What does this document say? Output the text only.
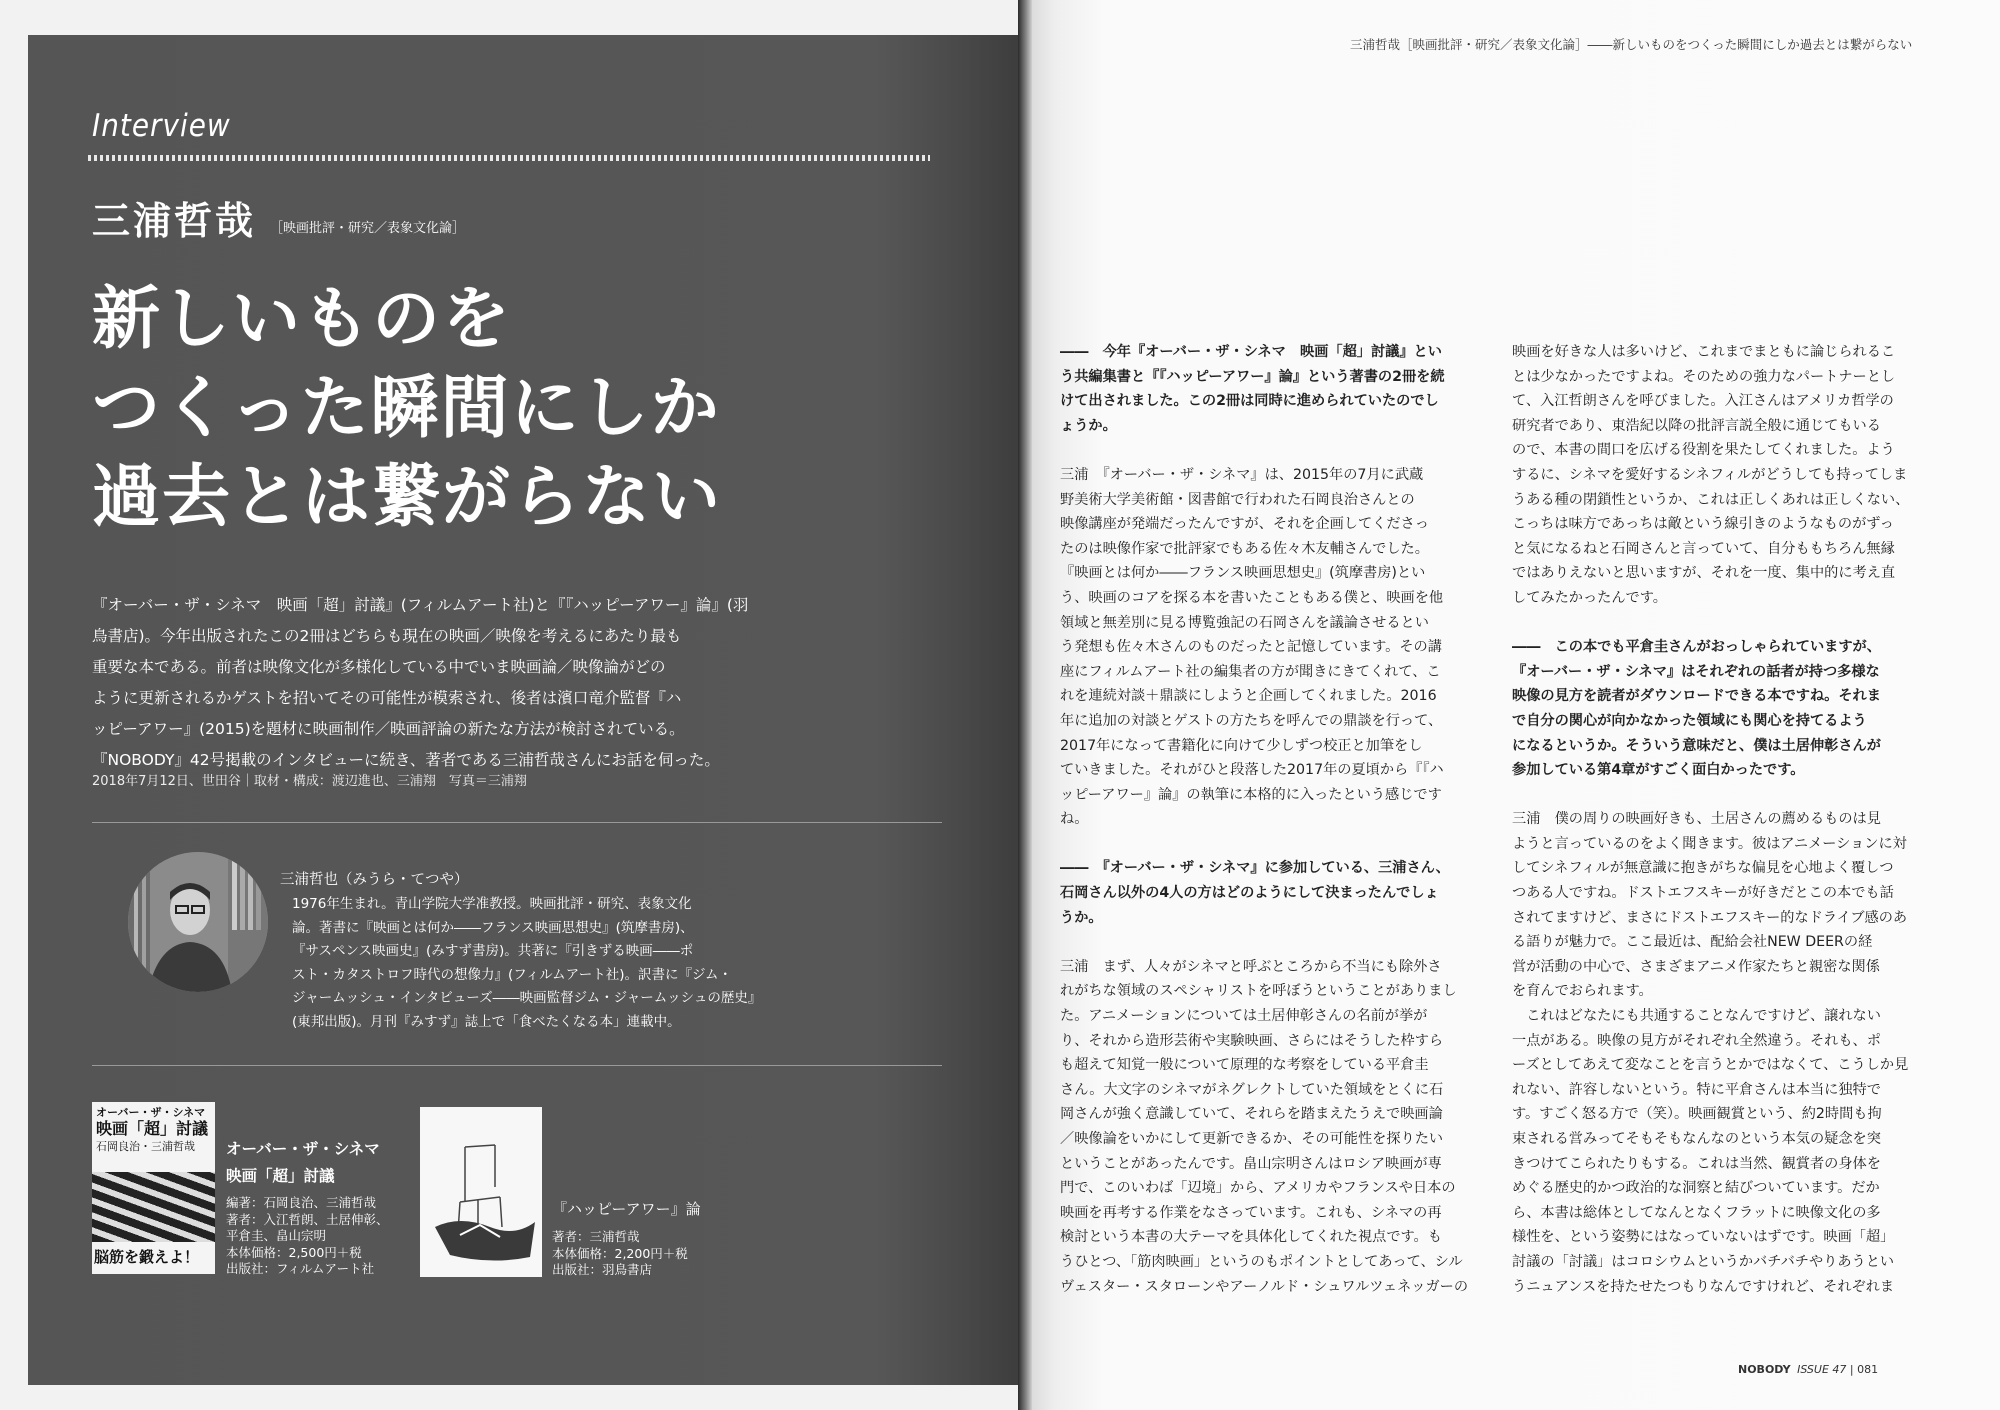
Interview
三浦哲哉 ［映画批評・研究／表象文化論］
新しいものを
つくった瞬間にしか
過去とは繋がらない
『オーバー・ザ・シネマ　映画「超」討議』(フィルムアート社)と『『ハッピーアワー』論』(羽
鳥書店)。今年出版されたこの2冊はどちらも現在の映画／映像を考えるにあたり最も
重要な本である。前者は映像文化が多様化している中でいま映画論／映像論がどの
ように更新されるかゲストを招いてその可能性が模索され、後者は濱口竜介監督『ハ
ッピーアワー』(2015)を題材に映画制作／映画評論の新たな方法が検討されている。
『NOBODY』42号掲載のインタビューに続き、著者である三浦哲哉さんにお話を伺った。
2018年7月12日、世田谷｜取材・構成：渡辺進也、三浦翔　写真＝三浦翔
三浦哲也（みうら・てつや）
1976年生まれ。青山学院大学准教授。映画批評・研究、表象文化
論。著書に『映画とは何か――フランス映画思想史』(筑摩書房)、
『サスペンス映画史』(みすず書房)。共著に『引きずる映画――ポ
スト・カタストロフ時代の想像力』(フィルムアート社)。訳書に『ジム・
ジャームッシュ・インタビューズ――映画監督ジム・ジャームッシュの歴史』
(東邦出版)。月刊『みすず』誌上で「食べたくなる本」連載中。
オーバー・ザ・シネマ
映画「超」討議
石岡良治・三浦哲哉
脳筋を鍛えよ！
オーバー・ザ・シネマ
映画「超」討議
編著：石岡良治、三浦哲哉
著者：入江哲朗、土居伸彰、
平倉圭、畠山宗明
本体価格：2,500円＋税
出版社：フィルムアート社
『ハッピーアワー』論
著者：三浦哲哉
本体価格：2,200円＋税
出版社：羽鳥書店
三浦哲哉［映画批評・研究／表象文化論］――新しいものをつくった瞬間にしか過去とは繋がらない
――　今年『オーバー・ザ・シネマ　映画「超」討議』とい
う共編集書と『『ハッピーアワー』論』という著書の2冊を続
けて出されました。この2冊は同時に進められていたのでし
ょうか。
三浦　『オーバー・ザ・シネマ』は、2015年の7月に武蔵
野美術大学美術館・図書館で行われた石岡良治さんとの
映像講座が発端だったんですが、それを企画してくださっ
たのは映像作家で批評家でもある佐々木友輔さんでした。
『映画とは何か――フランス映画思想史』(筑摩書房)とい
う、映画のコアを探る本を書いたこともある僕と、映画を他
領域と無差別に見る博覧強記の石岡さんを議論させるとい
う発想も佐々木さんのものだったと記憶しています。その講
座にフィルムアート社の編集者の方が聞きにきてくれて、こ
れを連続対談＋鼎談にしようと企画してくれました。2016
年に追加の対談とゲストの方たちを呼んでの鼎談を行って、
2017年になって書籍化に向けて少しずつ校正と加筆をし
ていきました。それがひと段落した2017年の夏頃から『『ハ
ッピーアワー』論』の執筆に本格的に入ったという感じです
ね。
――　『オーバー・ザ・シネマ』に参加している、三浦さん、
石岡さん以外の4人の方はどのようにして決まったんでしょ
うか。
三浦　まず、人々がシネマと呼ぶところから不当にも除外さ
れがちな領域のスペシャリストを呼ぼうということがありまし
た。アニメーションについては土居伸彰さんの名前が挙が
り、それから造形芸術や実験映画、さらにはそうした枠すら
も超えて知覚一般について原理的な考察をしている平倉圭
さん。大文字のシネマがネグレクトしていた領域をとくに石
岡さんが強く意識していて、それらを踏まえたうえで映画論
／映像論をいかにして更新できるか、その可能性を探りたい
ということがあったんです。畠山宗明さんはロシア映画が専
門で、このいわば「辺境」から、アメリカやフランスや日本の
映画を再考する作業をなさっています。これも、シネマの再
検討という本書の大テーマを具体化してくれた視点です。も
うひとつ、「筋肉映画」というのもポイントとしてあって、シル
ヴェスター・スタローンやアーノルド・シュワルツェネッガーの
映画を好きな人は多いけど、これまでまともに論じられるこ
とは少なかったですよね。そのための強力なパートナーとし
て、入江哲朗さんを呼びました。入江さんはアメリカ哲学の
研究者であり、東浩紀以降の批評言説全般に通じてもいる
ので、本書の間口を広げる役割を果たしてくれました。よう
するに、シネマを愛好するシネフィルがどうしても持ってしま
うある種の閉鎖性というか、これは正しくあれは正しくない、
こっちは味方であっちは敵という線引きのようなものがずっ
と気になるねと石岡さんと言っていて、自分ももちろん無縁
ではありえないと思いますが、それを一度、集中的に考え直
してみたかったんです。
――　この本でも平倉圭さんがおっしゃられていますが、
『オーバー・ザ・シネマ』はそれぞれの話者が持つ多様な
映像の見方を読者がダウンロードできる本ですね。それま
で自分の関心が向かなかった領域にも関心を持てるよう
になるというか。そういう意味だと、僕は土居伸彰さんが
参加している第4章がすごく面白かったです。
三浦　僕の周りの映画好きも、土居さんの薦めるものは見
ようと言っているのをよく聞きます。彼はアニメーションに対
してシネフィルが無意識に抱きがちな偏見を心地よく覆しつ
つある人ですね。ドストエフスキーが好きだとこの本でも話
されてますけど、まさにドストエフスキー的なドライブ感のあ
る語りが魅力で。ここ最近は、配給会社NEW DEERの経
営が活動の中心で、さまざまアニメ作家たちと親密な関係
を育んでおられます。
　これはどなたにも共通することなんですけど、譲れない
一点がある。映像の見方がそれぞれ全然違う。それも、ポ
ーズとしてあえて変なことを言うとかではなくて、こうしか見
れない、許容しないという。特に平倉さんは本当に独特で
す。すごく怒る方で（笑）。映画観賞という、約2時間も拘
束される営みってそもそもなんなのという本気の疑念を突
きつけてこられたりもする。これは当然、観賞者の身体を
めぐる歴史的かつ政治的な洞察と結びついています。だか
ら、本書は総体としてなんとなくフラットに映像文化の多
様性を、という姿勢にはなっていないはずです。映画「超」
討議の「討議」はコロシウムというかバチバチやりあうとい
うニュアンスを持たせたつもりなんですけれど、それぞれま
NOBODY ISSUE 47 | 081
